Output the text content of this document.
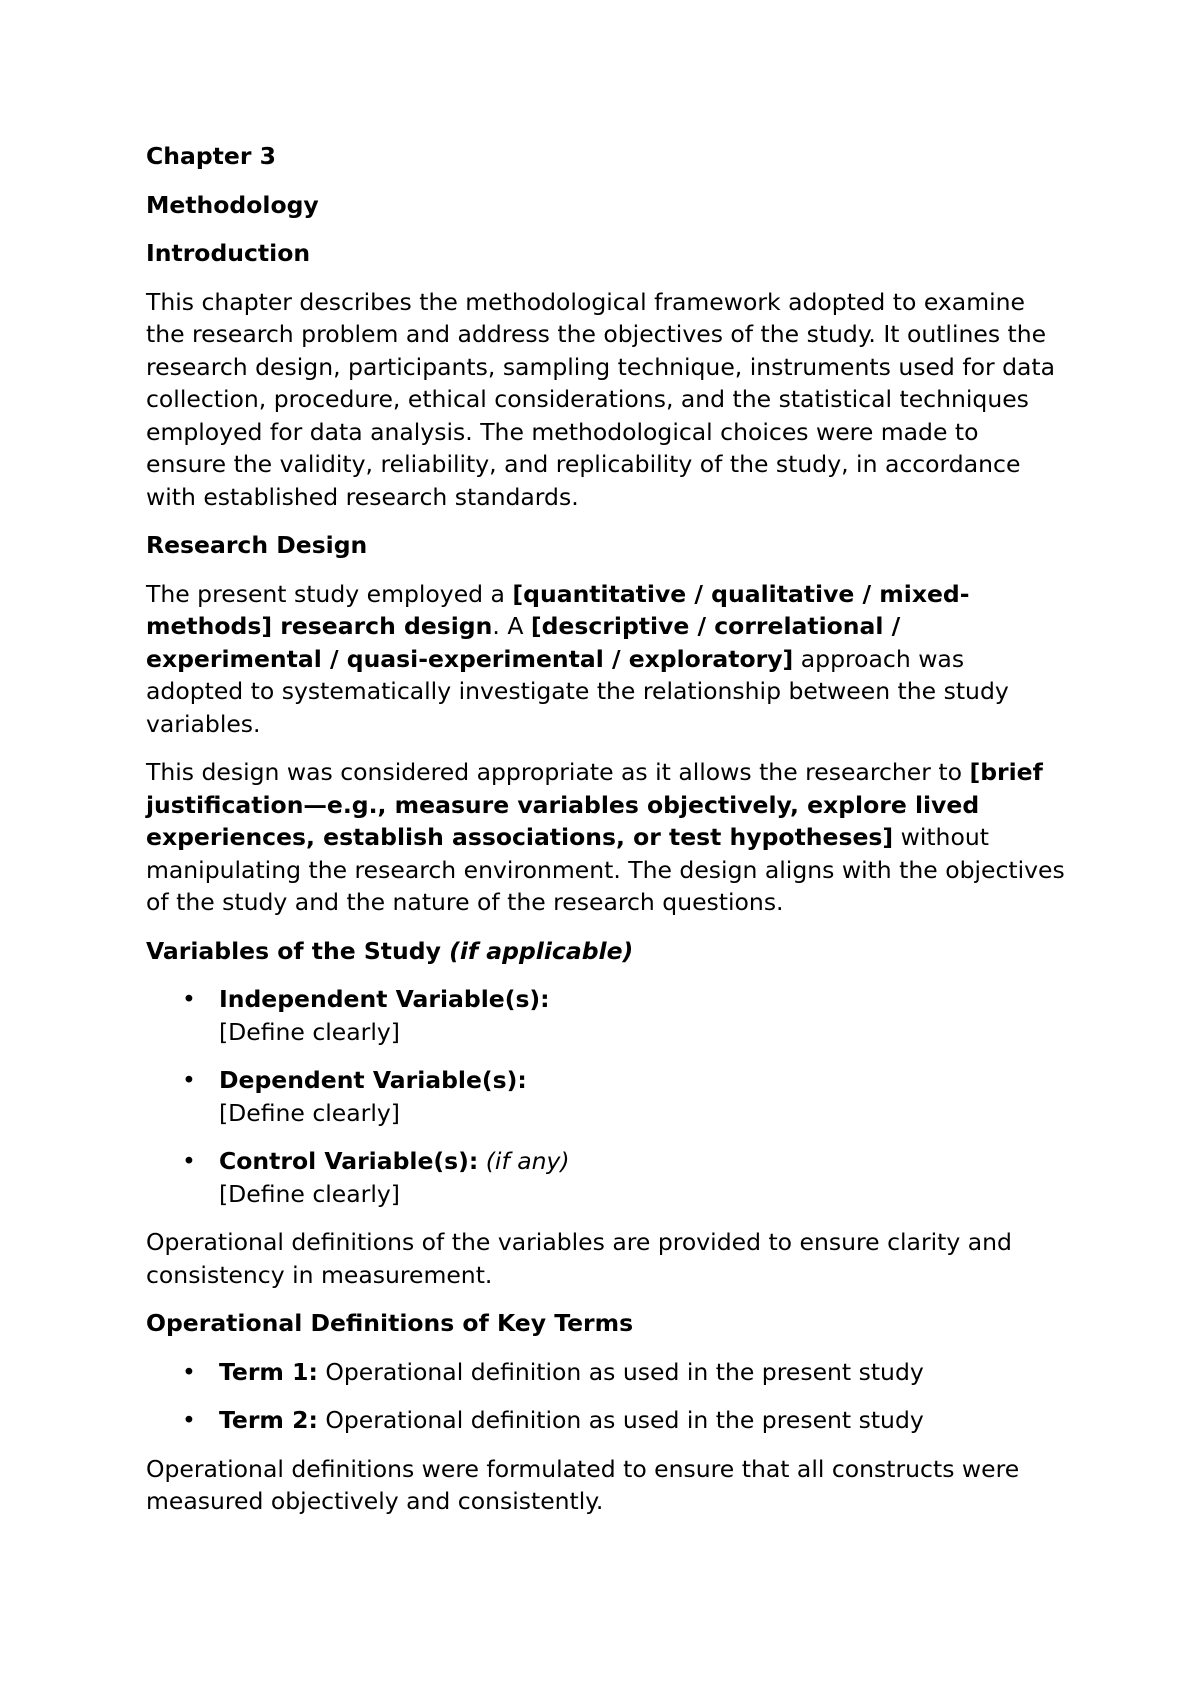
Chapter 3

Methodology

Introduction

This chapter describes the methodological framework adopted to examine the research problem and address the objectives of the study. It outlines the research design, participants, sampling technique, instruments used for data collection, procedure, ethical considerations, and the statistical techniques employed for data analysis. The methodological choices were made to ensure the validity, reliability, and replicability of the study, in accordance with established research standards.

Research Design

The present study employed a [quantitative / qualitative / mixed-methods] research design. A [descriptive / correlational / experimental / quasi-experimental / exploratory] approach was adopted to systematically investigate the relationship between the study variables.

This design was considered appropriate as it allows the researcher to [brief justification—e.g., measure variables objectively, explore lived experiences, establish associations, or test hypotheses] without manipulating the research environment. The design aligns with the objectives of the study and the nature of the research questions.

Variables of the Study (if applicable)

• Independent Variable(s):
[Define clearly]
• Dependent Variable(s):
[Define clearly]
• Control Variable(s): (if any)
[Define clearly]

Operational definitions of the variables are provided to ensure clarity and consistency in measurement.

Operational Definitions of Key Terms

• Term 1: Operational definition as used in the present study
• Term 2: Operational definition as used in the present study

Operational definitions were formulated to ensure that all constructs were measured objectively and consistently.
